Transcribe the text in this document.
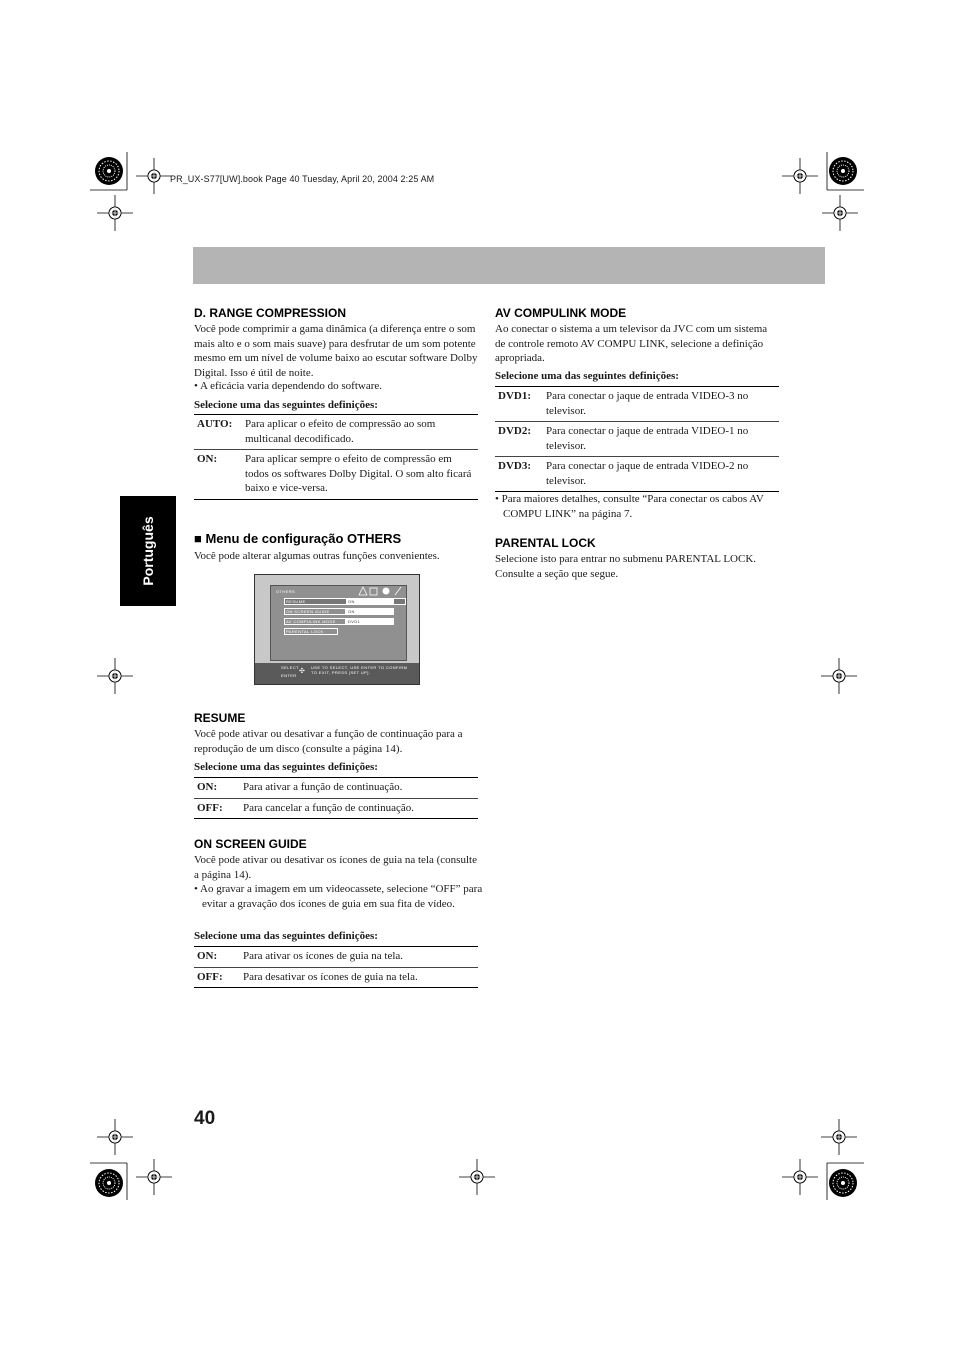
PR_UX-S77[UW].book Page 40 Tuesday, April 20, 2004 2:25 AM
Português
D. RANGE COMPRESSION
Você pode comprimir a gama dinâmica (a diferença entre o som mais alto e o som mais suave) para desfrutar de um som potente mesmo em um nível de volume baixo ao escutar software Dolby Digital. Isso é útil de noite.
• A eficácia varia dependendo do software.
Selecione uma das seguintes definições:
AUTO:	Para aplicar o efeito de compressão ao som multicanal decodificado.
ON:	Para aplicar sempre o efeito de compressão em todos os softwares Dolby Digital. O som alto ficará baixo e vice-versa.
■ Menu de configuração OTHERS
Você pode alterar algumas outras funções convenientes.
OTHERS
RESUME	ON
ON SCREEN GUIDE	ON
AV COMPULINK MODE	DVD1
PARENTAL LOCK
SELECT
ENTER
✣
USE TO SELECT, USE ENTER TO CONFIRM
TO EXIT, PRESS [SET UP].
RESUME
Você pode ativar ou desativar a função de continuação para a reprodução de um disco (consulte a página 14).
Selecione uma das seguintes definições:
ON:	Para ativar a função de continuação.
OFF:	Para cancelar a função de continuação.
ON SCREEN GUIDE
Você pode ativar ou desativar os ícones de guia na tela (consulte a página 14).
• Ao gravar a imagem em um videocassete, selecione “OFF” para evitar a gravação dos ícones de guia em sua fita de vídeo.
Selecione uma das seguintes definições:
ON:	Para ativar os ícones de guia na tela.
OFF:	Para desativar os ícones de guia na tela.
40
AV COMPULINK MODE
Ao conectar o sistema a um televisor da JVC com um sistema de controle remoto AV COMPU LINK, selecione a definição apropriada.
Selecione uma das seguintes definições:
DVD1:	Para conectar o jaque de entrada VIDEO-3 no televisor.
DVD2:	Para conectar o jaque de entrada VIDEO-1 no televisor.
DVD3:	Para conectar o jaque de entrada VIDEO-2 no televisor.
• Para maiores detalhes, consulte “Para conectar os cabos AV COMPU LINK” na página 7.
PARENTAL LOCK
Selecione isto para entrar no submenu PARENTAL LOCK. Consulte a seção que segue.
